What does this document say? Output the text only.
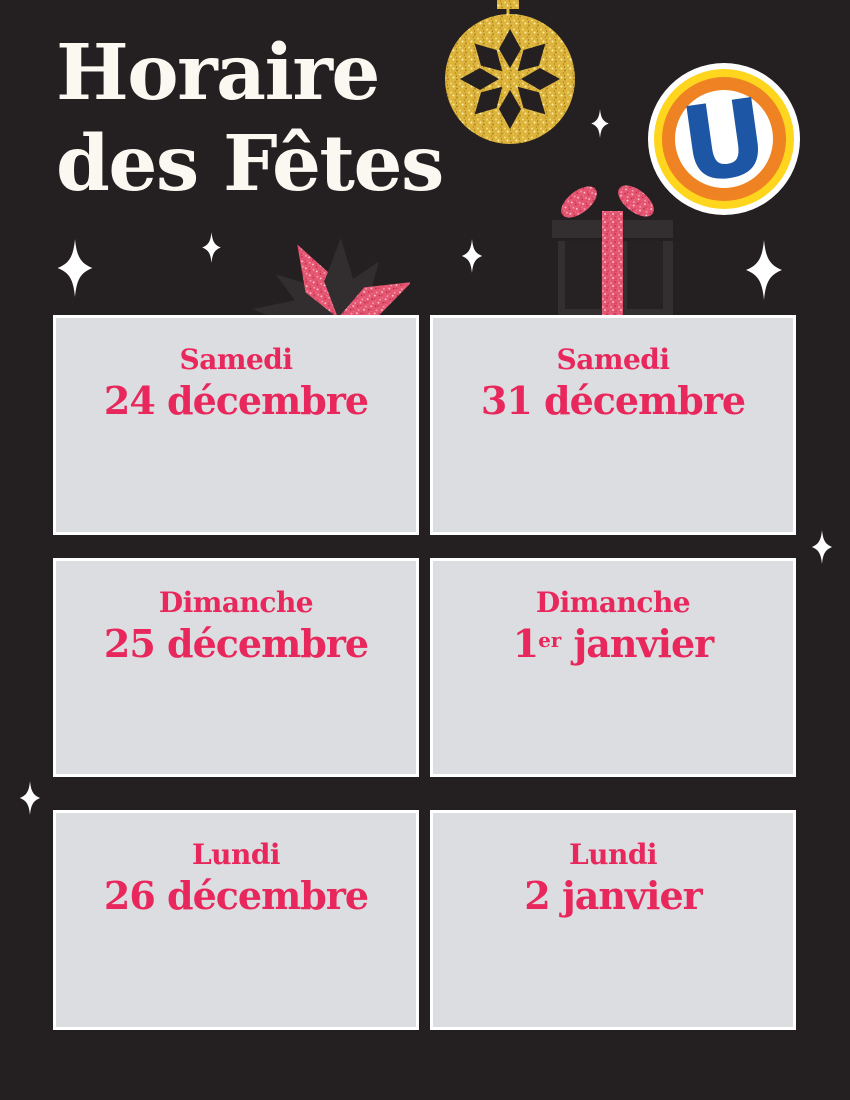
Horaire
des Fêtes U
Samedi
24 décembre
Samedi
31 décembre
Dimanche
25 décembre
Dimanche
1er janvier
Lundi
26 décembre
Lundi
2 janvier
